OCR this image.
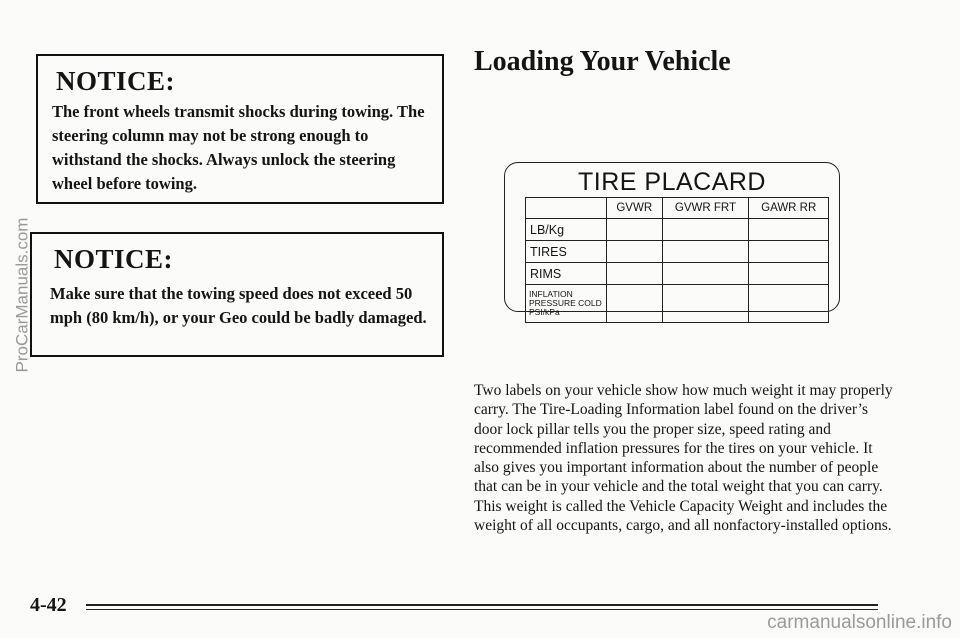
NOTICE:

The front wheels transmit shocks during towing. The steering column may not be strong enough to withstand the shocks. Always unlock the steering wheel before towing.

NOTICE:

Make sure that the towing speed does not exceed 50 mph (80 km/h), or your Geo could be badly damaged.

Loading Your Vehicle
TIRE PLACARD
	GVWR	GVWR FRT	GAWR RR
LB/Kg			
TIRES			
RIMS			
INFLATION PRESSURE COLD PSI/kPa			

Two labels on your vehicle show how much weight it may properly carry. The Tire-Loading Information label found on the driver’s door lock pillar tells you the proper size, speed rating and recommended inflation pressures for the tires on your vehicle. It also gives you important information about the number of people that can be in your vehicle and the total weight that you can carry. This weight is called the Vehicle Capacity Weight and includes the weight of all occupants, cargo, and all nonfactory-installed options.

4-42
ProCarManuals.com
carmanualsonline.info
